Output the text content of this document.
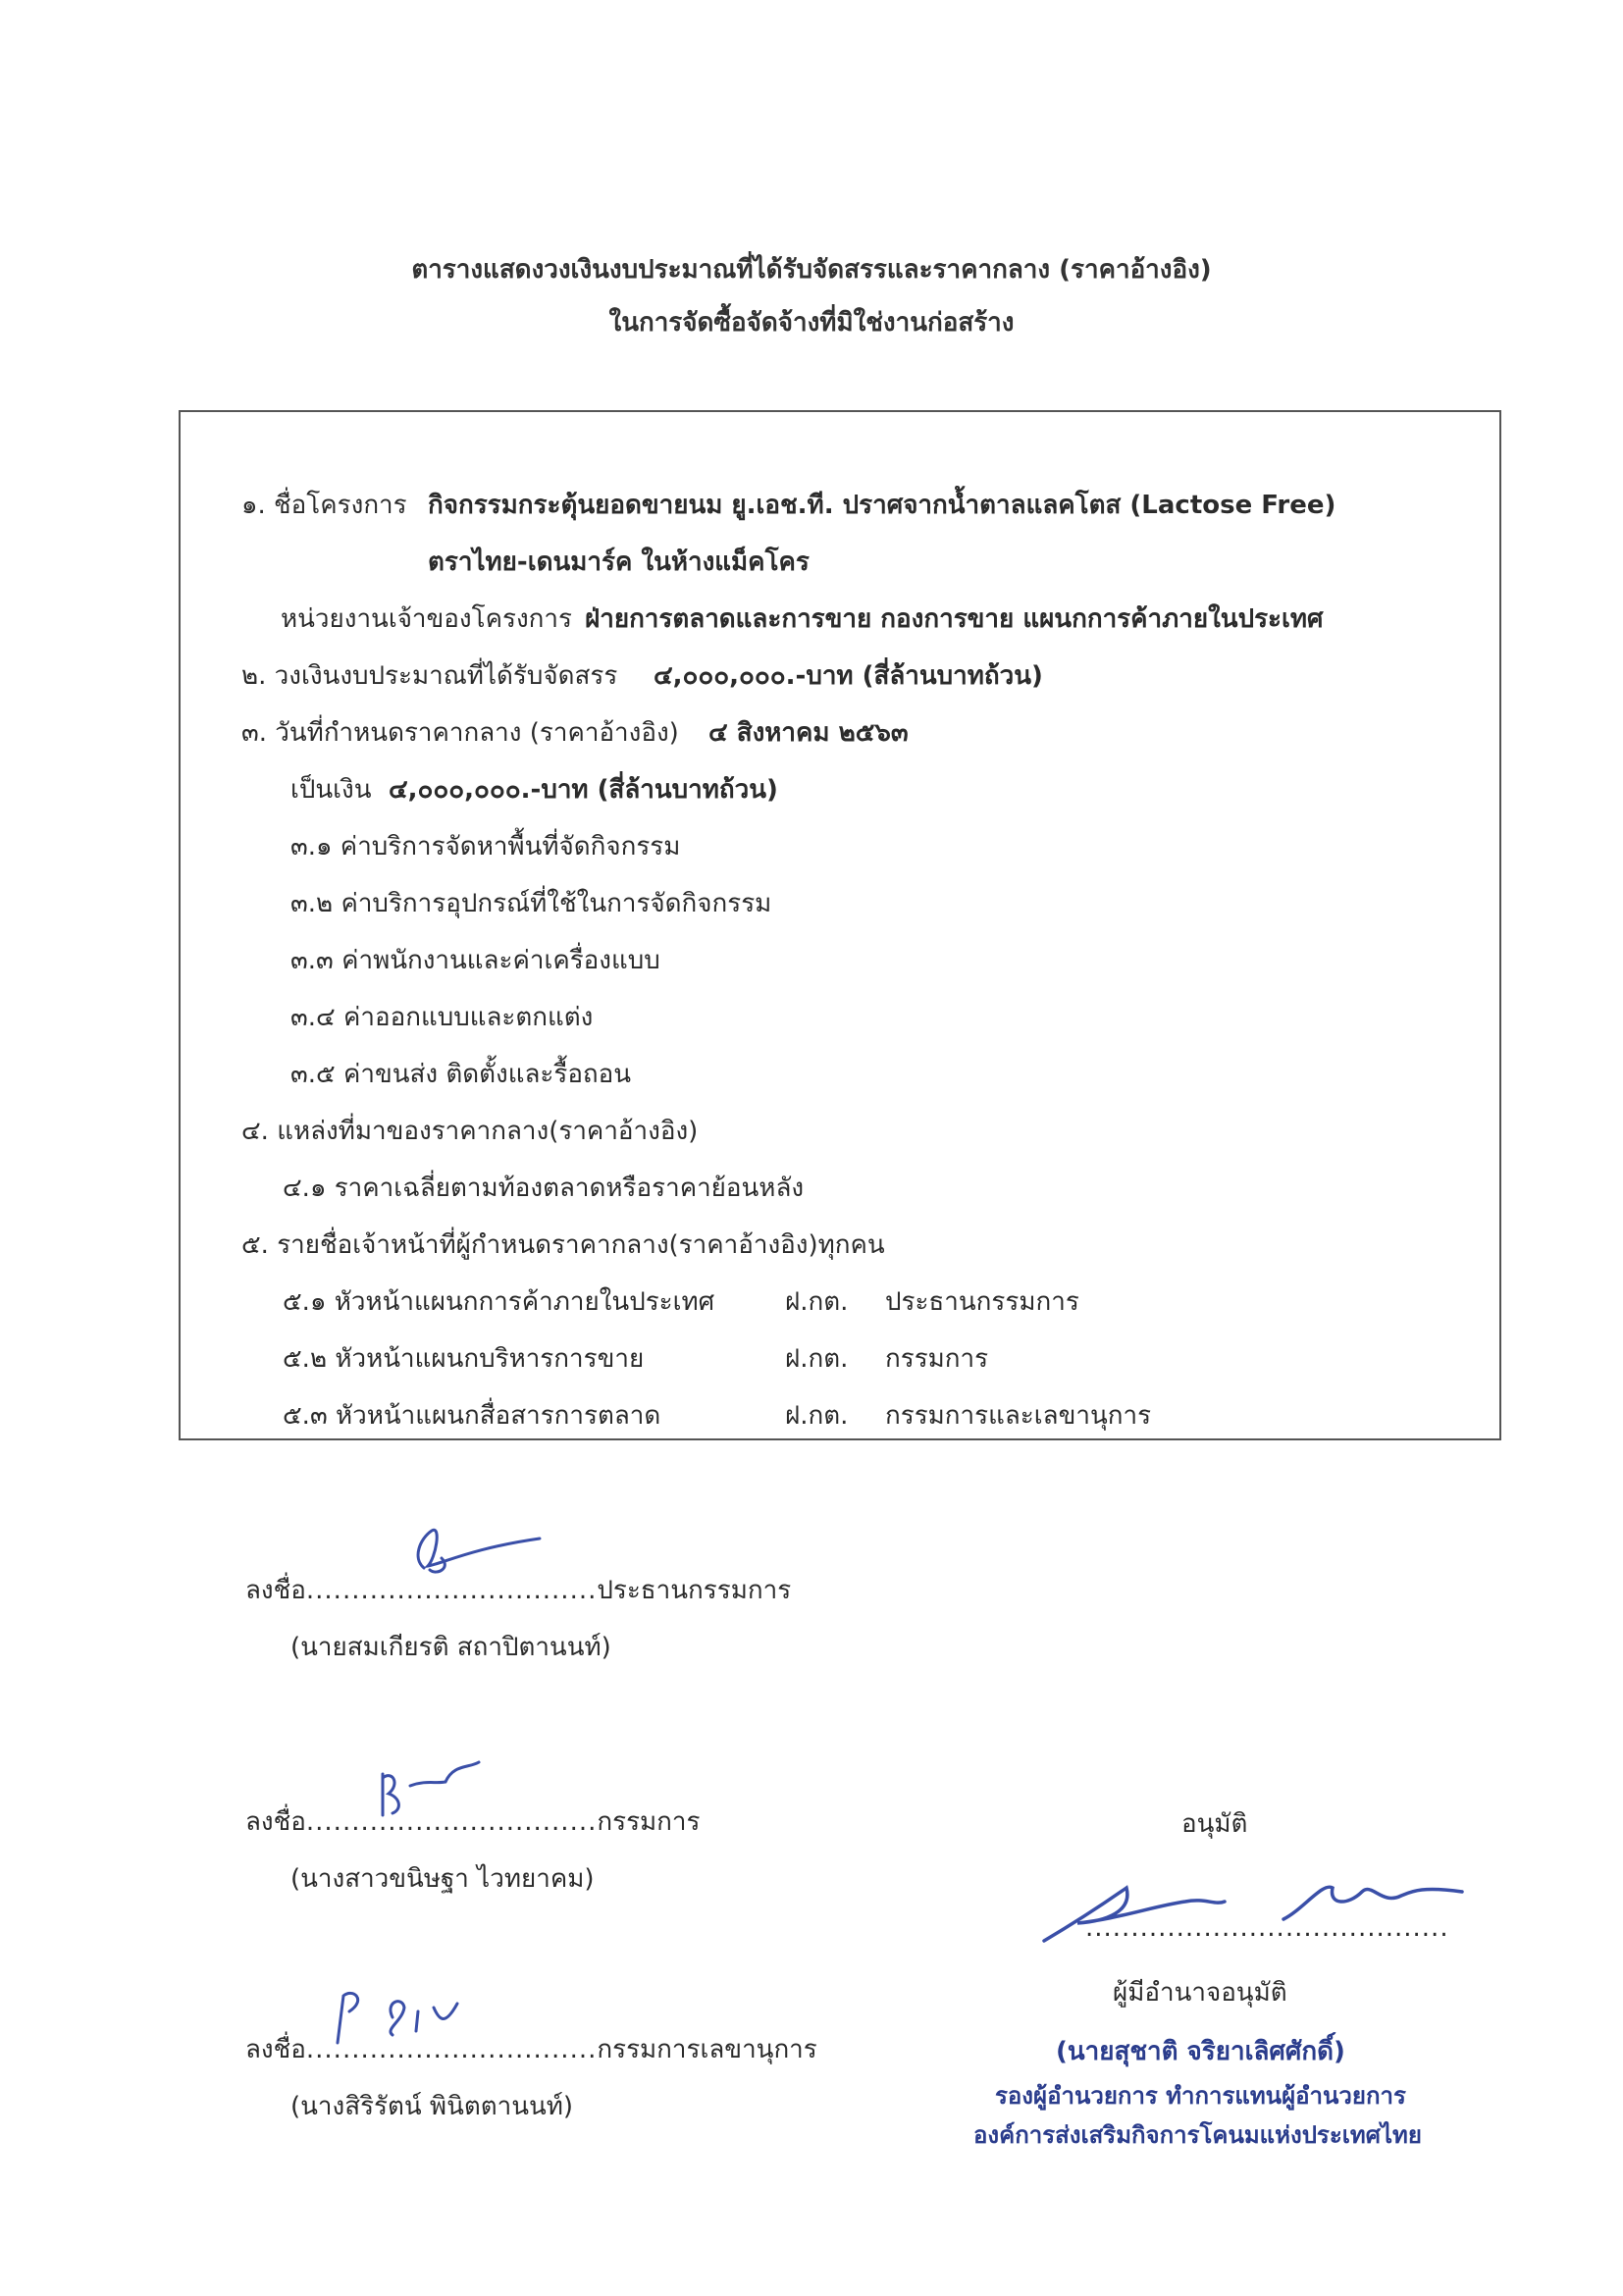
ตารางแสดงวงเงินงบประมาณที่ได้รับจัดสรรและราคากลาง (ราคาอ้างอิง)
ในการจัดซื้อจัดจ้างที่มิใช่งานก่อสร้าง
๑. ชื่อโครงการ กิจกรรมกระตุ้นยอดขายนม ยู.เอช.ที. ปราศจากน้ำตาลแลคโตส (Lactose Free)
ตราไทย-เดนมาร์ค ในห้างแม็คโคร
หน่วยงานเจ้าของโครงการ ฝ่ายการตลาดและการขาย กองการขาย แผนกการค้าภายในประเทศ
๒. วงเงินงบประมาณที่ได้รับจัดสรร ๔,๐๐๐,๐๐๐.-บาท (สี่ล้านบาทถ้วน)
๓. วันที่กำหนดราคากลาง (ราคาอ้างอิง) ๔ สิงหาคม ๒๕๖๓
เป็นเงิน ๔,๐๐๐,๐๐๐.-บาท (สี่ล้านบาทถ้วน)
๓.๑ ค่าบริการจัดหาพื้นที่จัดกิจกรรม
๓.๒ ค่าบริการอุปกรณ์ที่ใช้ในการจัดกิจกรรม
๓.๓ ค่าพนักงานและค่าเครื่องแบบ
๓.๔ ค่าออกแบบและตกแต่ง
๓.๕ ค่าขนส่ง ติดตั้งและรื้อถอน
๔. แหล่งที่มาของราคากลาง(ราคาอ้างอิง)
๔.๑ ราคาเฉลี่ยตามท้องตลาดหรือราคาย้อนหลัง
๕. รายชื่อเจ้าหน้าที่ผู้กำหนดราคากลาง(ราคาอ้างอิง)ทุกคน
๕.๑ หัวหน้าแผนกการค้าภายในประเทศ	ฝ.กต. ประธานกรรมการ
๕.๒ หัวหน้าแผนกบริหารการขาย	ฝ.กต. กรรมการ
๕.๓ หัวหน้าแผนกสื่อสารการตลาด	ฝ.กต. กรรมการและเลขานุการ
ลงชื่อ................................ประธานกรรมการ
(นายสมเกียรติ สถาปิตานนท์)
ลงชื่อ................................กรรมการ
(นางสาวขนิษฐา ไวทยาคม)
ลงชื่อ................................กรรมการเลขานุการ
(นางสิริรัตน์ พินิตตานนท์)
อนุมัติ
........................................
ผู้มีอำนาจอนุมัติ
(นายสุชาติ จริยาเลิศศักดิ์)
รองผู้อำนวยการ ทำการแทนผู้อำนวยการ
องค์การส่งเสริมกิจการโคนมแห่งประเทศไทย
